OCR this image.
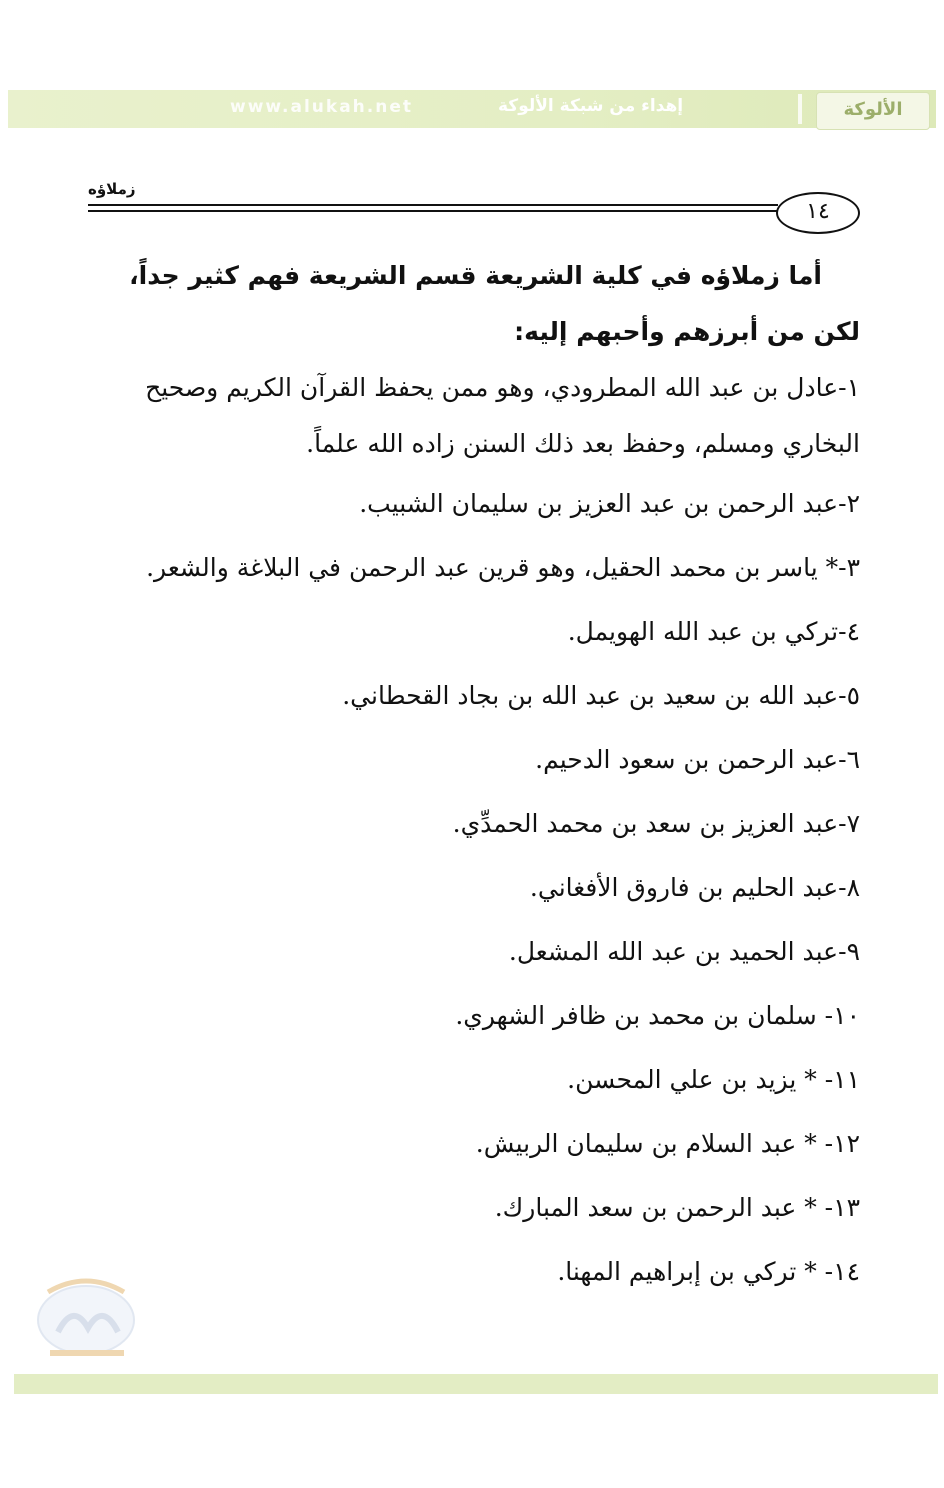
www.alukah.net	إهداء من شبكة الألوكة	الألوكة
زملاؤه
١٤

أما زملاؤه في كلية الشريعة قسم الشريعة فهم كثير جداً، لكن من أبرزهم وأحبهم إليه:

١-عادل بن عبد الله المطرودي، وهو ممن يحفظ القرآن الكريم وصحيح البخاري ومسلم، وحفظ بعد ذلك السنن زاده الله علماً.
٢-عبد الرحمن بن عبد العزيز بن سليمان الشبيب.
٣-* ياسر بن محمد الحقيل، وهو قرين عبد الرحمن في البلاغة والشعر.
٤-تركي بن عبد الله الهويمل.
٥-عبد الله بن سعيد بن عبد الله بن بجاد القحطاني.
٦-عبد الرحمن بن سعود الدحيم.
٧-عبد العزيز بن سعد بن محمد الحمدِّي.
٨-عبد الحليم بن فاروق الأفغاني.
٩-عبد الحميد بن عبد الله المشعل.
١٠- سلمان بن محمد بن ظافر الشهري.
١١- * يزيد بن علي المحسن.
١٢- * عبد السلام بن سليمان الربيش.
١٣- * عبد الرحمن بن سعد المبارك.
١٤- * تركي بن إبراهيم المهنا.
